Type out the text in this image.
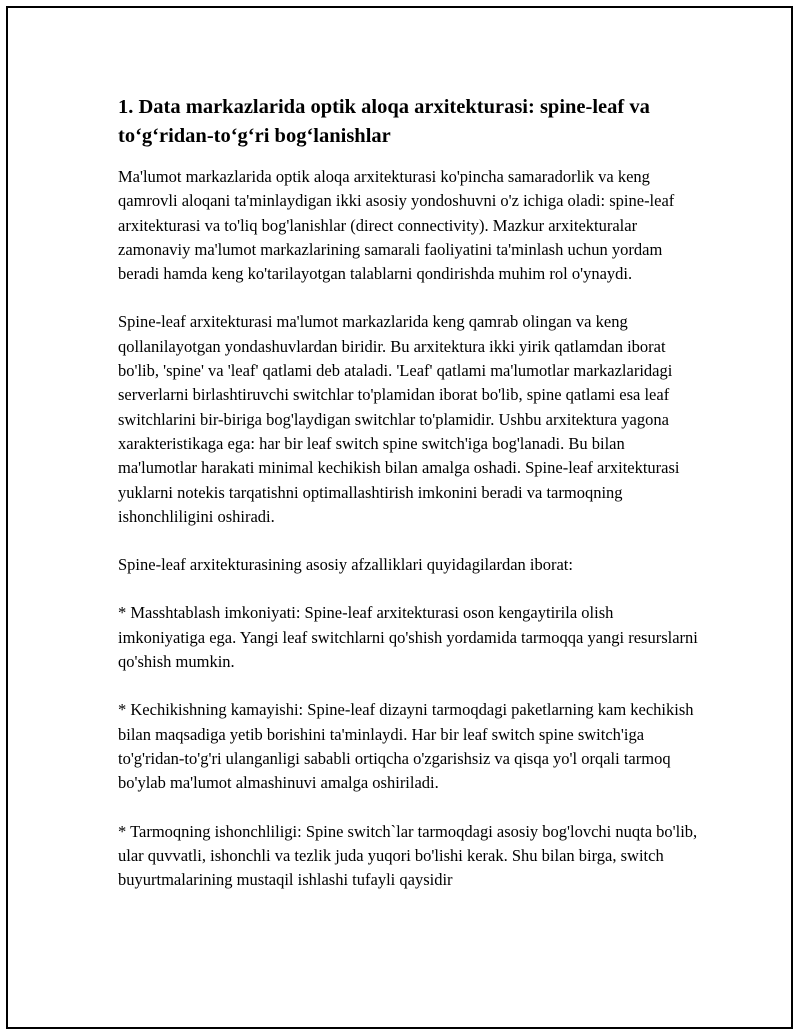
1. Data markazlarida optik aloqa arxitekturasi: spine-leaf va to‘g‘ridan-to‘g‘ri bog‘lanishlar

Ma'lumot markazlarida optik aloqa arxitekturasi ko'pincha samaradorlik va keng qamrovli aloqani ta'minlaydigan ikki asosiy yondoshuvni o'z ichiga oladi: spine-leaf arxitekturasi va to'liq bog'lanishlar (direct connectivity). Mazkur arxitekturalar zamonaviy ma'lumot markazlarining samarali faoliyatini ta'minlash uchun yordam beradi hamda keng ko'tarilayotgan talablarni qondirishda muhim rol o'ynaydi.

Spine-leaf arxitekturasi ma'lumot markazlarida keng qamrab olingan va keng qollanilayotgan yondashuvlardan biridir. Bu arxitektura ikki yirik qatlamdan iborat bo'lib, 'spine' va 'leaf' qatlami deb ataladi. 'Leaf' qatlami ma'lumotlar markazlaridagi serverlarni birlashtiruvchi switchlar to'plamidan iborat bo'lib, spine qatlami esa leaf switchlarini bir-biriga bog'laydigan switchlar to'plamidir. Ushbu arxitektura yagona xarakteristikaga ega: har bir leaf switch spine switch'iga bog'lanadi. Bu bilan ma'lumotlar harakati minimal kechikish bilan amalga oshadi. Spine-leaf arxitekturasi yuklarni notekis tarqatishni optimallashtirish imkonini beradi va tarmoqning ishonchliligini oshiradi.

Spine-leaf arxitekturasining asosiy afzalliklari quyidagilardan iborat:

* Masshtablash imkoniyati: Spine-leaf arxitekturasi oson kengaytirila olish imkoniyatiga ega. Yangi leaf switchlarni qo'shish yordamida tarmoqqa yangi resurslarni qo'shish mumkin.

* Kechikishning kamayishi: Spine-leaf dizayni tarmoqdagi paketlarning kam kechikish bilan maqsadiga yetib borishini ta'minlaydi. Har bir leaf switch spine switch'iga to'g'ridan-to'g'ri ulanganligi sababli ortiqcha o'zgarishsiz va qisqa yo'l orqali tarmoq bo'ylab ma'lumot almashinuvi amalga oshiriladi.

* Tarmoqning ishonchliligi: Spine switch`lar tarmoqdagi asosiy bog'lovchi nuqta bo'lib, ular quvvatli, ishonchli va tezlik juda yuqori bo'lishi kerak. Shu bilan birga, switch buyurtmalarining mustaqil ishlashi tufayli qaysidir
